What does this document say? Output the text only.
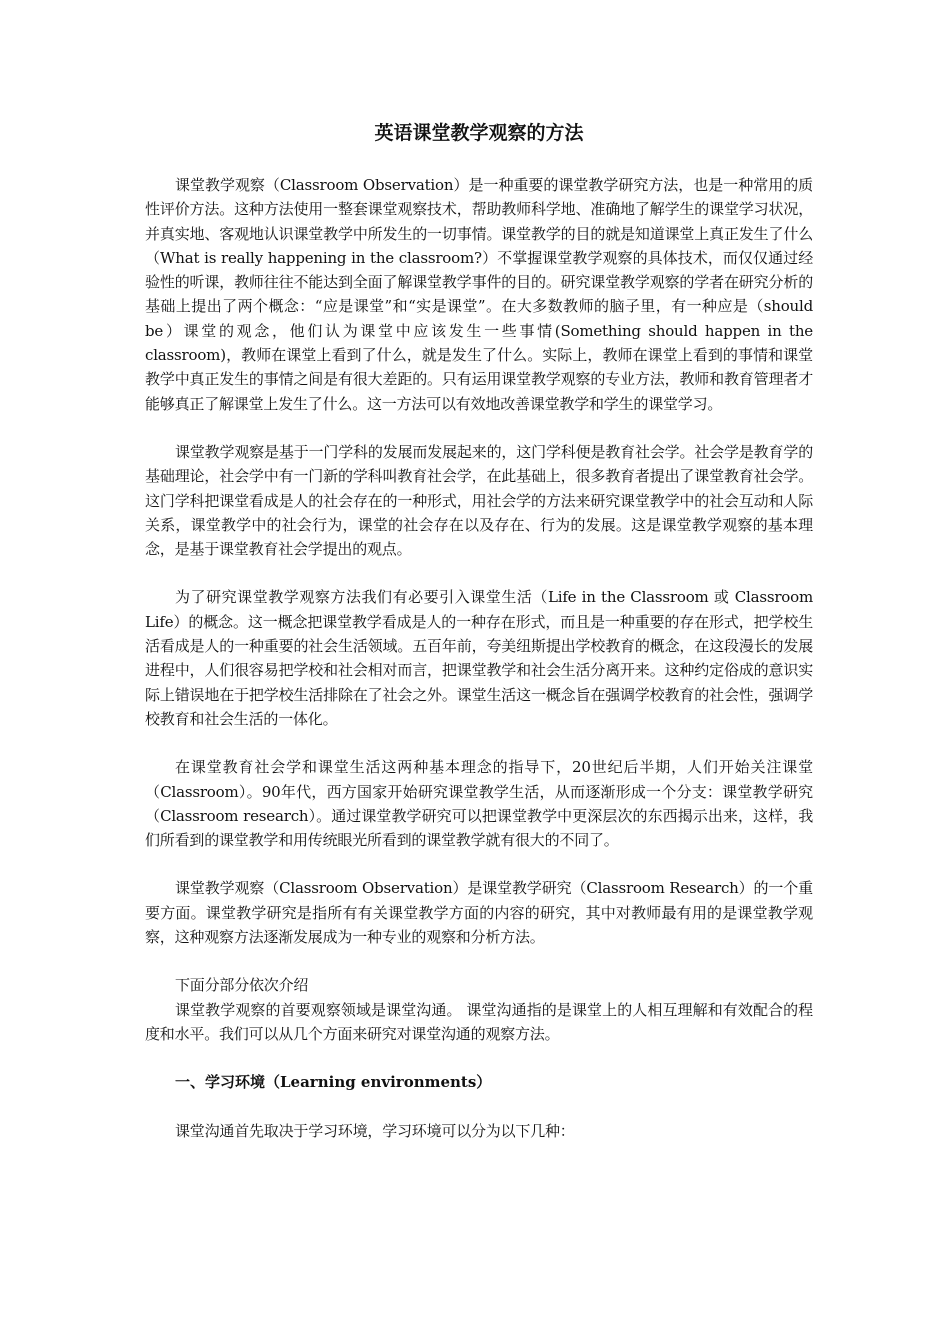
英语课堂教学观察的方法

课堂教学观察（Classroom Observation）是一种重要的课堂教学研究方法，也是一种常用的质性评价方法。这种方法使用一整套课堂观察技术，帮助教师科学地、准确地了解学生的课堂学习状况，并真实地、客观地认识课堂教学中所发生的一切事情。课堂教学的目的就是知道课堂上真正发生了什么（What is really happening in the classroom?）不掌握课堂教学观察的具体技术，而仅仅通过经验性的听课，教师往往不能达到全面了解课堂教学事件的目的。研究课堂教学观察的学者在研究分析的基础上提出了两个概念：“应是课堂”和“实是课堂”。在大多数教师的脑子里，有一种应是（should be）课堂的观念，他们认为课堂中应该发生一些事情(Something should happen in the classroom)，教师在课堂上看到了什么，就是发生了什么。实际上，教师在课堂上看到的事情和课堂教学中真正发生的事情之间是有很大差距的。只有运用课堂教学观察的专业方法，教师和教育管理者才能够真正了解课堂上发生了什么。这一方法可以有效地改善课堂教学和学生的课堂学习。

课堂教学观察是基于一门学科的发展而发展起来的，这门学科便是教育社会学。社会学是教育学的基础理论，社会学中有一门新的学科叫教育社会学，在此基础上，很多教育者提出了课堂教育社会学。这门学科把课堂看成是人的社会存在的一种形式，用社会学的方法来研究课堂教学中的社会互动和人际关系，课堂教学中的社会行为，课堂的社会存在以及存在、行为的发展。这是课堂教学观察的基本理念，是基于课堂教育社会学提出的观点。

为了研究课堂教学观察方法我们有必要引入课堂生活（Life in the Classroom 或 Classroom Life）的概念。这一概念把课堂教学看成是人的一种存在形式，而且是一种重要的存在形式，把学校生活看成是人的一种重要的社会生活领域。五百年前，夸美纽斯提出学校教育的概念，在这段漫长的发展进程中，人们很容易把学校和社会相对而言，把课堂教学和社会生活分离开来。这种约定俗成的意识实际上错误地在于把学校生活排除在了社会之外。课堂生活这一概念旨在强调学校教育的社会性，强调学校教育和社会生活的一体化。

在课堂教育社会学和课堂生活这两种基本理念的指导下，20世纪后半期，人们开始关注课堂（Classroom）。90年代，西方国家开始研究课堂教学生活，从而逐渐形成一个分支：课堂教学研究（Classroom research）。通过课堂教学研究可以把课堂教学中更深层次的东西揭示出来，这样，我们所看到的课堂教学和用传统眼光所看到的课堂教学就有很大的不同了。

课堂教学观察（Classroom Observation）是课堂教学研究（Classroom Research）的一个重要方面。课堂教学研究是指所有有关课堂教学方面的内容的研究，其中对教师最有用的是课堂教学观察，这种观察方法逐渐发展成为一种专业的观察和分析方法。

下面分部分依次介绍

课堂教学观察的首要观察领域是课堂沟通。 课堂沟通指的是课堂上的人相互理解和有效配合的程度和水平。我们可以从几个方面来研究对课堂沟通的观察方法。

一、学习环境（Learning environments）

课堂沟通首先取决于学习环境，学习环境可以分为以下几种：
